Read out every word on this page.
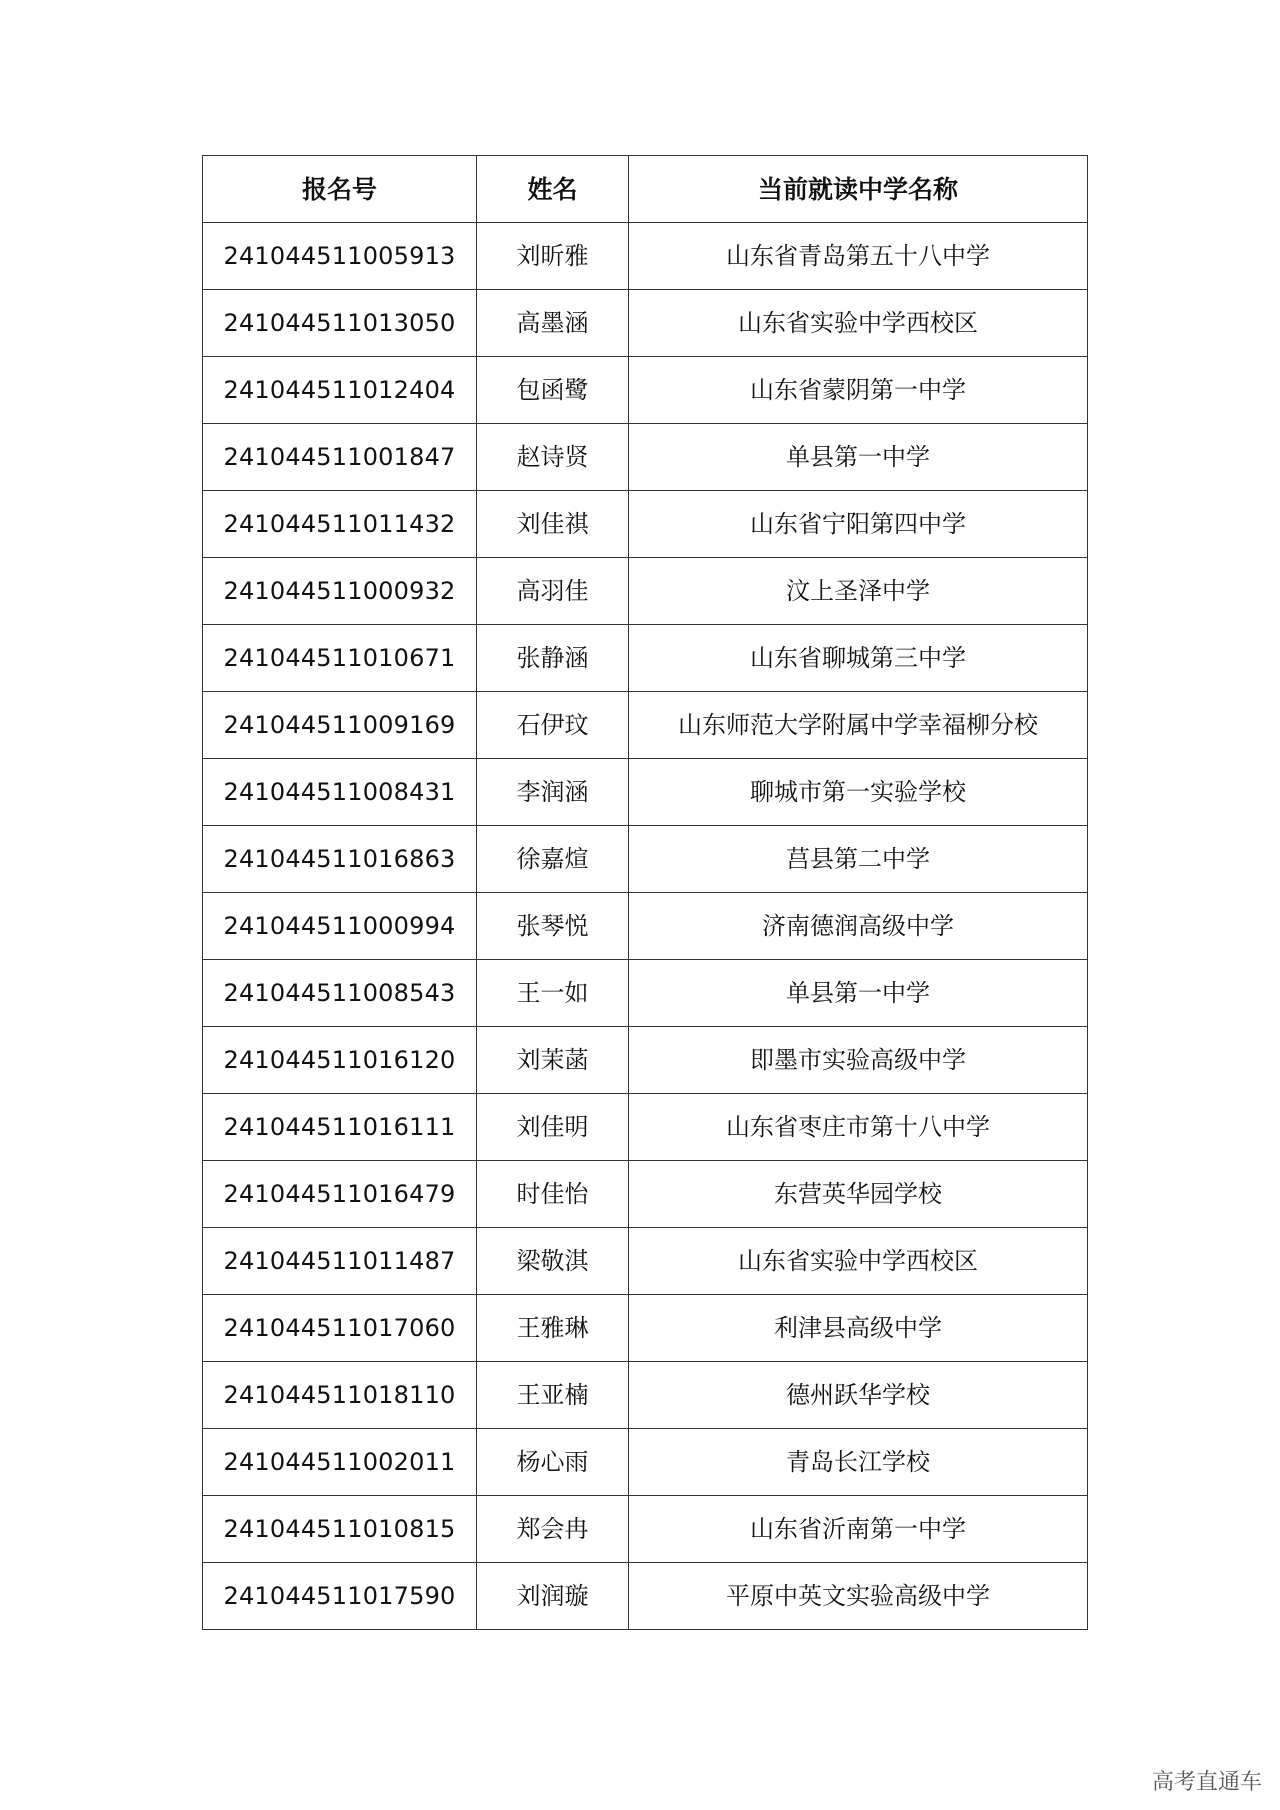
报名号	姓名	当前就读中学名称
241044511005913	刘昕雅	山东省青岛第五十八中学
241044511013050	高墨涵	山东省实验中学西校区
241044511012404	包函鹭	山东省蒙阴第一中学
241044511001847	赵诗贤	单县第一中学
241044511011432	刘佳祺	山东省宁阳第四中学
241044511000932	高羽佳	汶上圣泽中学
241044511010671	张静涵	山东省聊城第三中学
241044511009169	石伊玟	山东师范大学附属中学幸福柳分校
241044511008431	李润涵	聊城市第一实验学校
241044511016863	徐嘉煊	莒县第二中学
241044511000994	张琴悦	济南德润高级中学
241044511008543	王一如	单县第一中学
241044511016120	刘茉菡	即墨市实验高级中学
241044511016111	刘佳明	山东省枣庄市第十八中学
241044511016479	时佳怡	东营英华园学校
241044511011487	梁敬淇	山东省实验中学西校区
241044511017060	王雅琳	利津县高级中学
241044511018110	王亚楠	德州跃华学校
241044511002011	杨心雨	青岛长江学校
241044511010815	郑会冉	山东省沂南第一中学
241044511017590	刘润璇	平原中英文实验高级中学
高考直通车
